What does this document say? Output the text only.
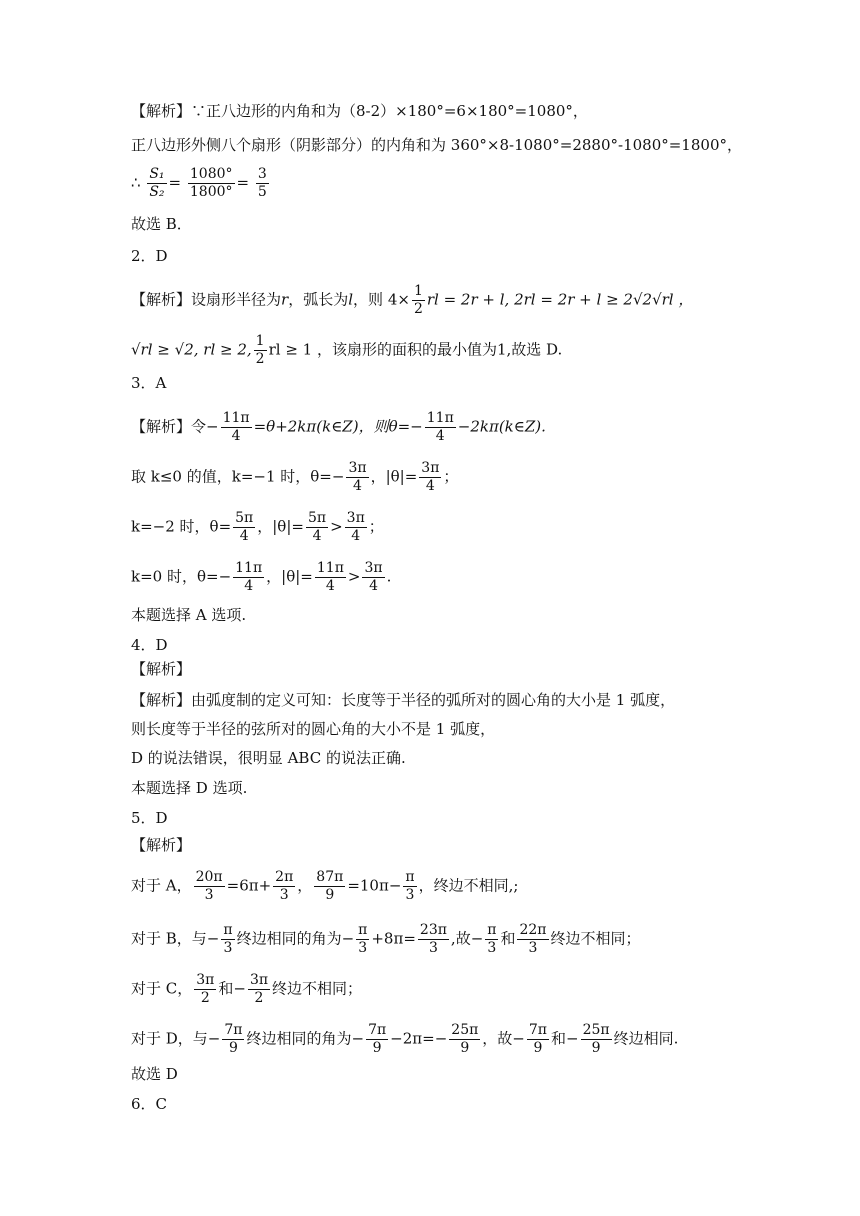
【解析】∵正八边形的内角和为（8-2）×180°=6×180°=1080°，
正八边形外侧八个扇形（阴影部分）的内角和为 360°×8-1080°=2880°-1080°=1800°，
∴ $\frac{\text{S₁}}{\text{S₂}} = \frac{1080^\circ}{1800^\circ} = \frac{3}{5}$
故选 B．
2．D
【解析】设扇形半径为r，弧长为l，则 $4\times \frac{1}{2}$ rl = 2r + l, 2rl = 2r + l ≥ 2√2√rl ，
√rl ≥ √2, rl ≥ 2, $\frac{1}{2}$ rl ≥ 1 ，该扇形的面积的最小值为1,故选 D.
3．A
【解析】令− $\frac{11\pi}{4}$ =θ+2kπ(k∈Z)，则$\theta=- \frac{11\pi}{4}$ −2kπ(k∈Z).
取 k≤0 的值，k=−1 时，$\theta=- \frac{3\pi}{4}$ ，$|\theta|= \frac{3\pi}{4}$ ；
k=−2 时，$\theta= \frac{5\pi}{4}$ ，$|\theta|= \frac{5\pi}{4} > \frac{3\pi}{4}$ ；
k=0 时，$\theta=- \frac{11\pi}{4}$ ，$|\theta|= \frac{11\pi}{4} > \frac{3\pi}{4}$ .
本题选择 A 选项.
4．D
【解析】
【解析】由弧度制的定义可知：长度等于半径的弧所对的圆心角的大小是 1 弧度，
则长度等于半径的弦所对的圆心角的大小不是 1 弧度，
D 的说法错误，很明显 ABC 的说法正确.
本题选择 D 选项.
5．D
【解析】
对于 A， $\frac{20\pi}{3} =6\pi+ \frac{2\pi}{3}$ ， $\frac{87\pi}{9} =10\pi- \frac{\pi}{3}$ ，终边不相同,;
对于 B，与− $\frac{\pi}{3}$ 终边相同的角为− $\frac{\pi}{3} +8\pi= \frac{23\pi}{3}$ ,故− $\frac{\pi}{3}$ 和 $\frac{22\pi}{3}$ 终边不相同；
对于 C， $\frac{3\pi}{2}$ 和− $\frac{3\pi}{2}$ 终边不相同；
对于 D，与− $\frac{7\pi}{9}$ 终边相同的角为− $\frac{7\pi}{9} -2\pi=- \frac{25\pi}{9}$ ，故− $\frac{7\pi}{9}$ 和− $\frac{25\pi}{9}$ 终边相同.
故选 D
6．C
